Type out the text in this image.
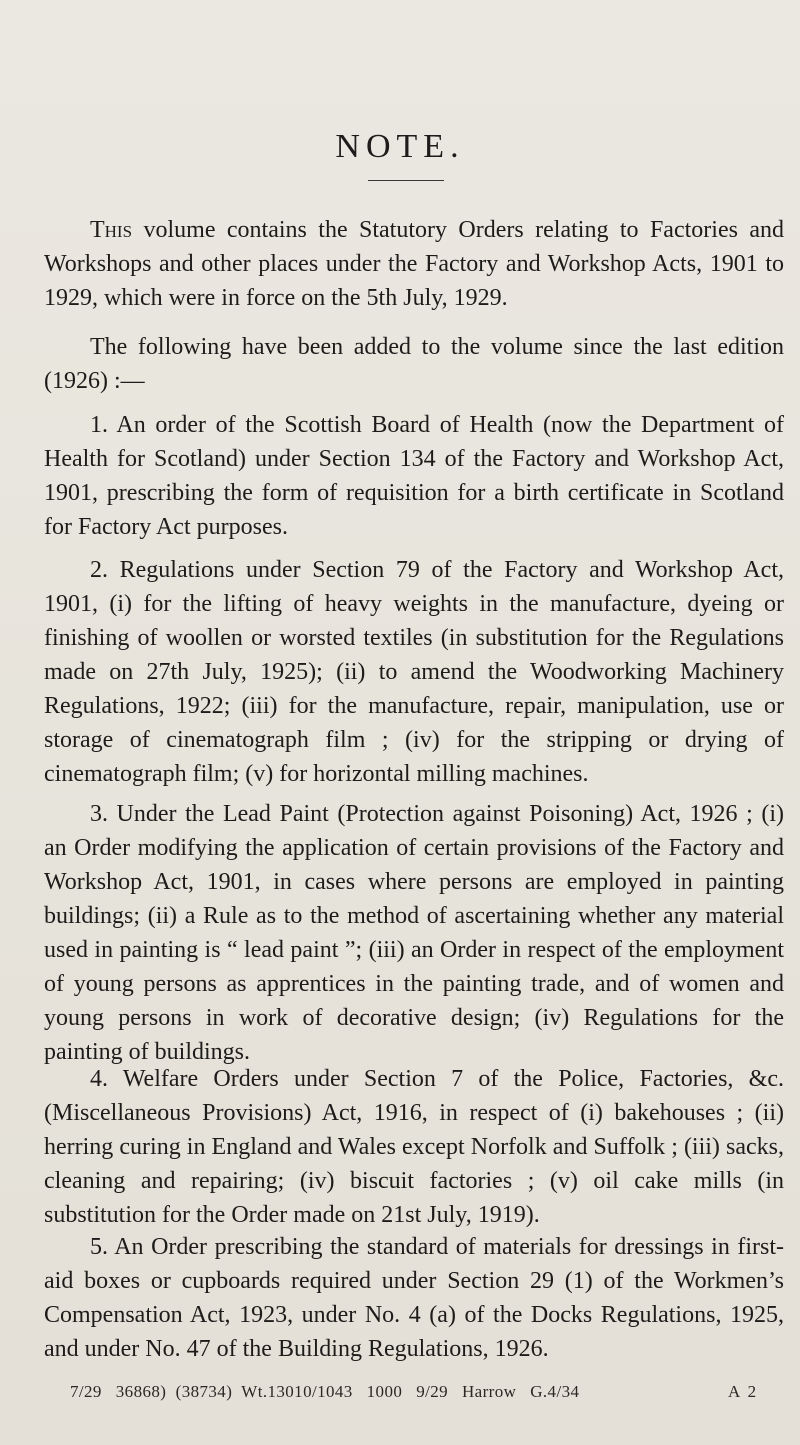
NOTE.

This volume contains the Statutory Orders relating to Factories and Workshops and other places under the Factory and Workshop Acts, 1901 to 1929, which were in force on the 5th July, 1929.

The following have been added to the volume since the last edition (1926) :—

1. An order of the Scottish Board of Health (now the Department of Health for Scotland) under Section 134 of the Factory and Workshop Act, 1901, prescribing the form of requisition for a birth certificate in Scotland for Factory Act purposes.

2. Regulations under Section 79 of the Factory and Workshop Act, 1901, (i) for the lifting of heavy weights in the manufacture, dyeing or finishing of woollen or worsted textiles (in substitution for the Regulations made on 27th July, 1925); (ii) to amend the Woodworking Machinery Regulations, 1922; (iii) for the manufacture, repair, manipulation, use or storage of cinematograph film ; (iv) for the stripping or drying of cinematograph film; (v) for horizontal milling machines.

3. Under the Lead Paint (Protection against Poisoning) Act, 1926 ; (i) an Order modifying the application of certain provisions of the Factory and Workshop Act, 1901, in cases where persons are employed in painting buildings; (ii) a Rule as to the method of ascertaining whether any material used in painting is “ lead paint ”; (iii) an Order in respect of the employment of young persons as apprentices in the painting trade, and of women and young persons in work of decorative design; (iv) Regulations for the painting of buildings.

4. Welfare Orders under Section 7 of the Police, Factories, &c. (Miscellaneous Provisions) Act, 1916, in respect of (i) bakehouses ; (ii) herring curing in England and Wales except Norfolk and Suffolk ; (iii) sacks, cleaning and repairing; (iv) biscuit factories ; (v) oil cake mills (in substitution for the Order made on 21st July, 1919).

5. An Order prescribing the standard of materials for dressings in first-aid boxes or cupboards required under Section 29 (1) of the Workmen’s Compensation Act, 1923, under No. 4 (a) of the Docks Regulations, 1925, and under No. 47 of the Building Regulations, 1926.

7/29   36868)  (38734)  Wt.13010/1043   1000   9/29   Harrow   G.4/34	A 2
